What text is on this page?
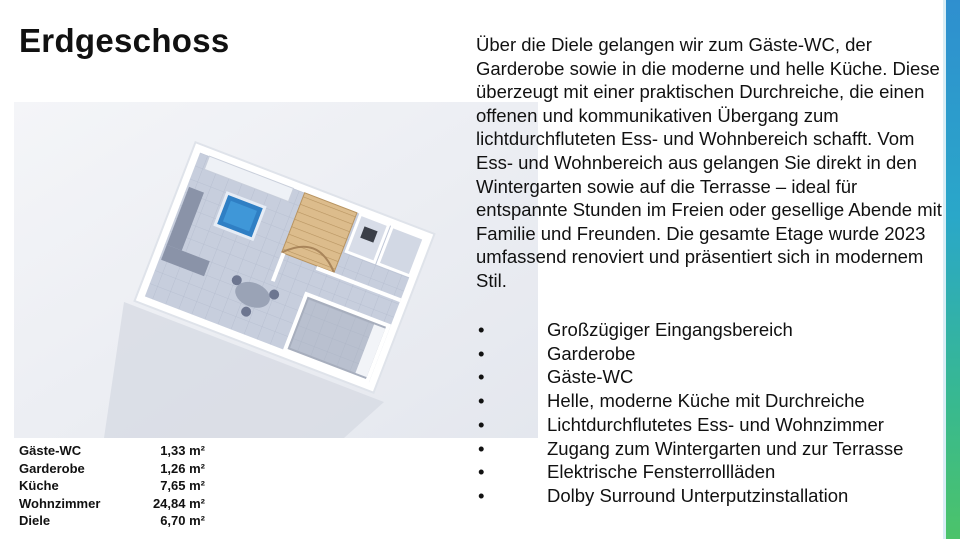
Erdgeschoss	Über die Diele gelangen wir zum Gäste-WC, der Garderobe sowie in die moderne und helle Küche. Diese überzeugt mit einer praktischen Durchreiche, die einen offenen und kommunikativen Übergang zum lichtdurchfluteten Ess- und Wohnbereich schafft. Vom Ess- und Wohnbereich aus gelangen Sie direkt in den Wintergarten sowie auf die Terrasse – ideal für entspannte Stunden im Freien oder gesellige Abende mit Familie und Freunden. Die gesamte Etage wurde 2023 umfassend renoviert und präsentiert sich in modernem Stil.
•	Großzügiger Eingangsbereich
•	Garderobe
•	Gäste-WC
•	Helle, moderne Küche mit Durchreiche
•	Lichtdurchflutetes Ess- und Wohnzimmer
•	Zugang zum Wintergarten und zur Terrasse
•	Elektrische Fensterrollläden
•	Dolby Surround Unterputzinstallation
Gäste-WC	1,33 m²
Garderobe	1,26 m²
Küche	7,65 m²
Wohnzimmer	24,84 m²
Diele	6,70 m²
